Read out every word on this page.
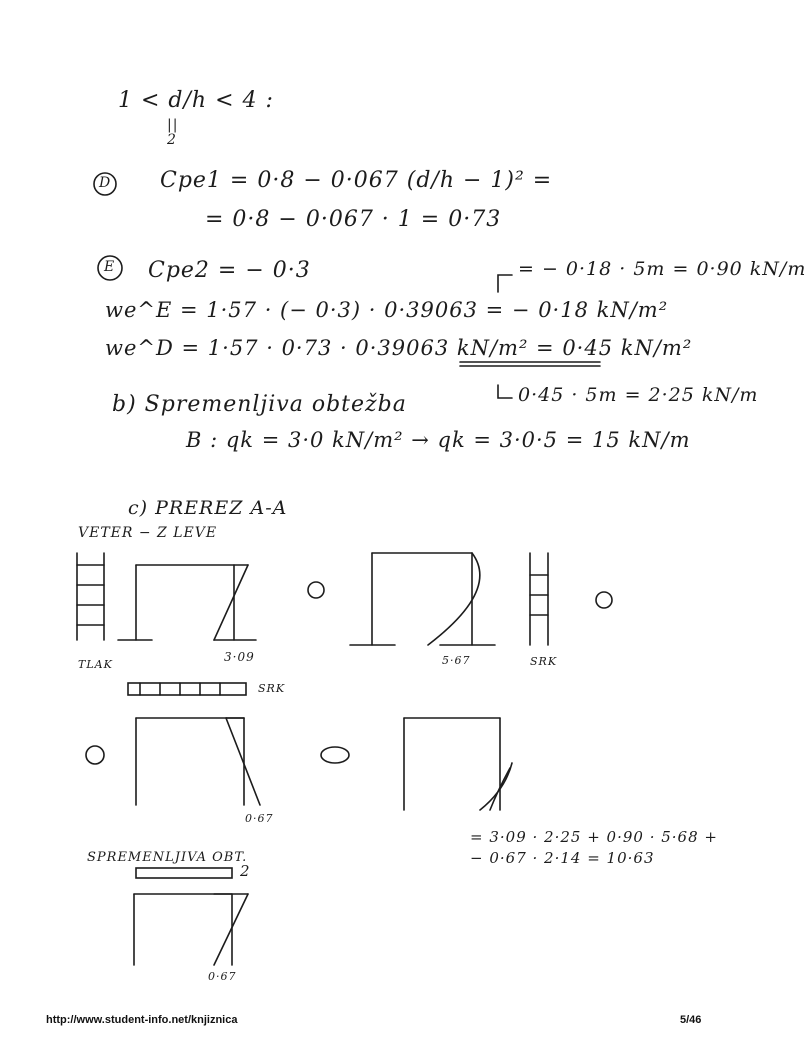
1 < d/h < 4 :
||
2
D Cpe1 = 0·8 − 0·067 (d/h − 1)² =
= 0·8 − 0·067 · 1 = 0·73
E Cpe2 = − 0·3	= − 0·18 · 5m = 0·90 kN/m
we^E = 1·57 · (− 0·3) · 0·39063 = − 0·18 kN/m²
we^D = 1·57 · 0·73 · 0·39063 kN/m² = 0·45 kN/m²
0·45 · 5m = 2·25 kN/m
b) Spremenljiva obtežba
B : qk = 3·0 kN/m² → qk = 3·0·5 = 15 kN/m
c) PREREZ A-A
VETER − Z LEVE
TLAK
3·09	5·67	SRK
SRK
0·67
= 3·09 · 2·25 + 0·90 · 5·68 +
− 0·67 · 2·14 = 10·63
SPREMENLJIVA OBT.
2
0·67
http://www.student-info.net/knjiznica	5/46
